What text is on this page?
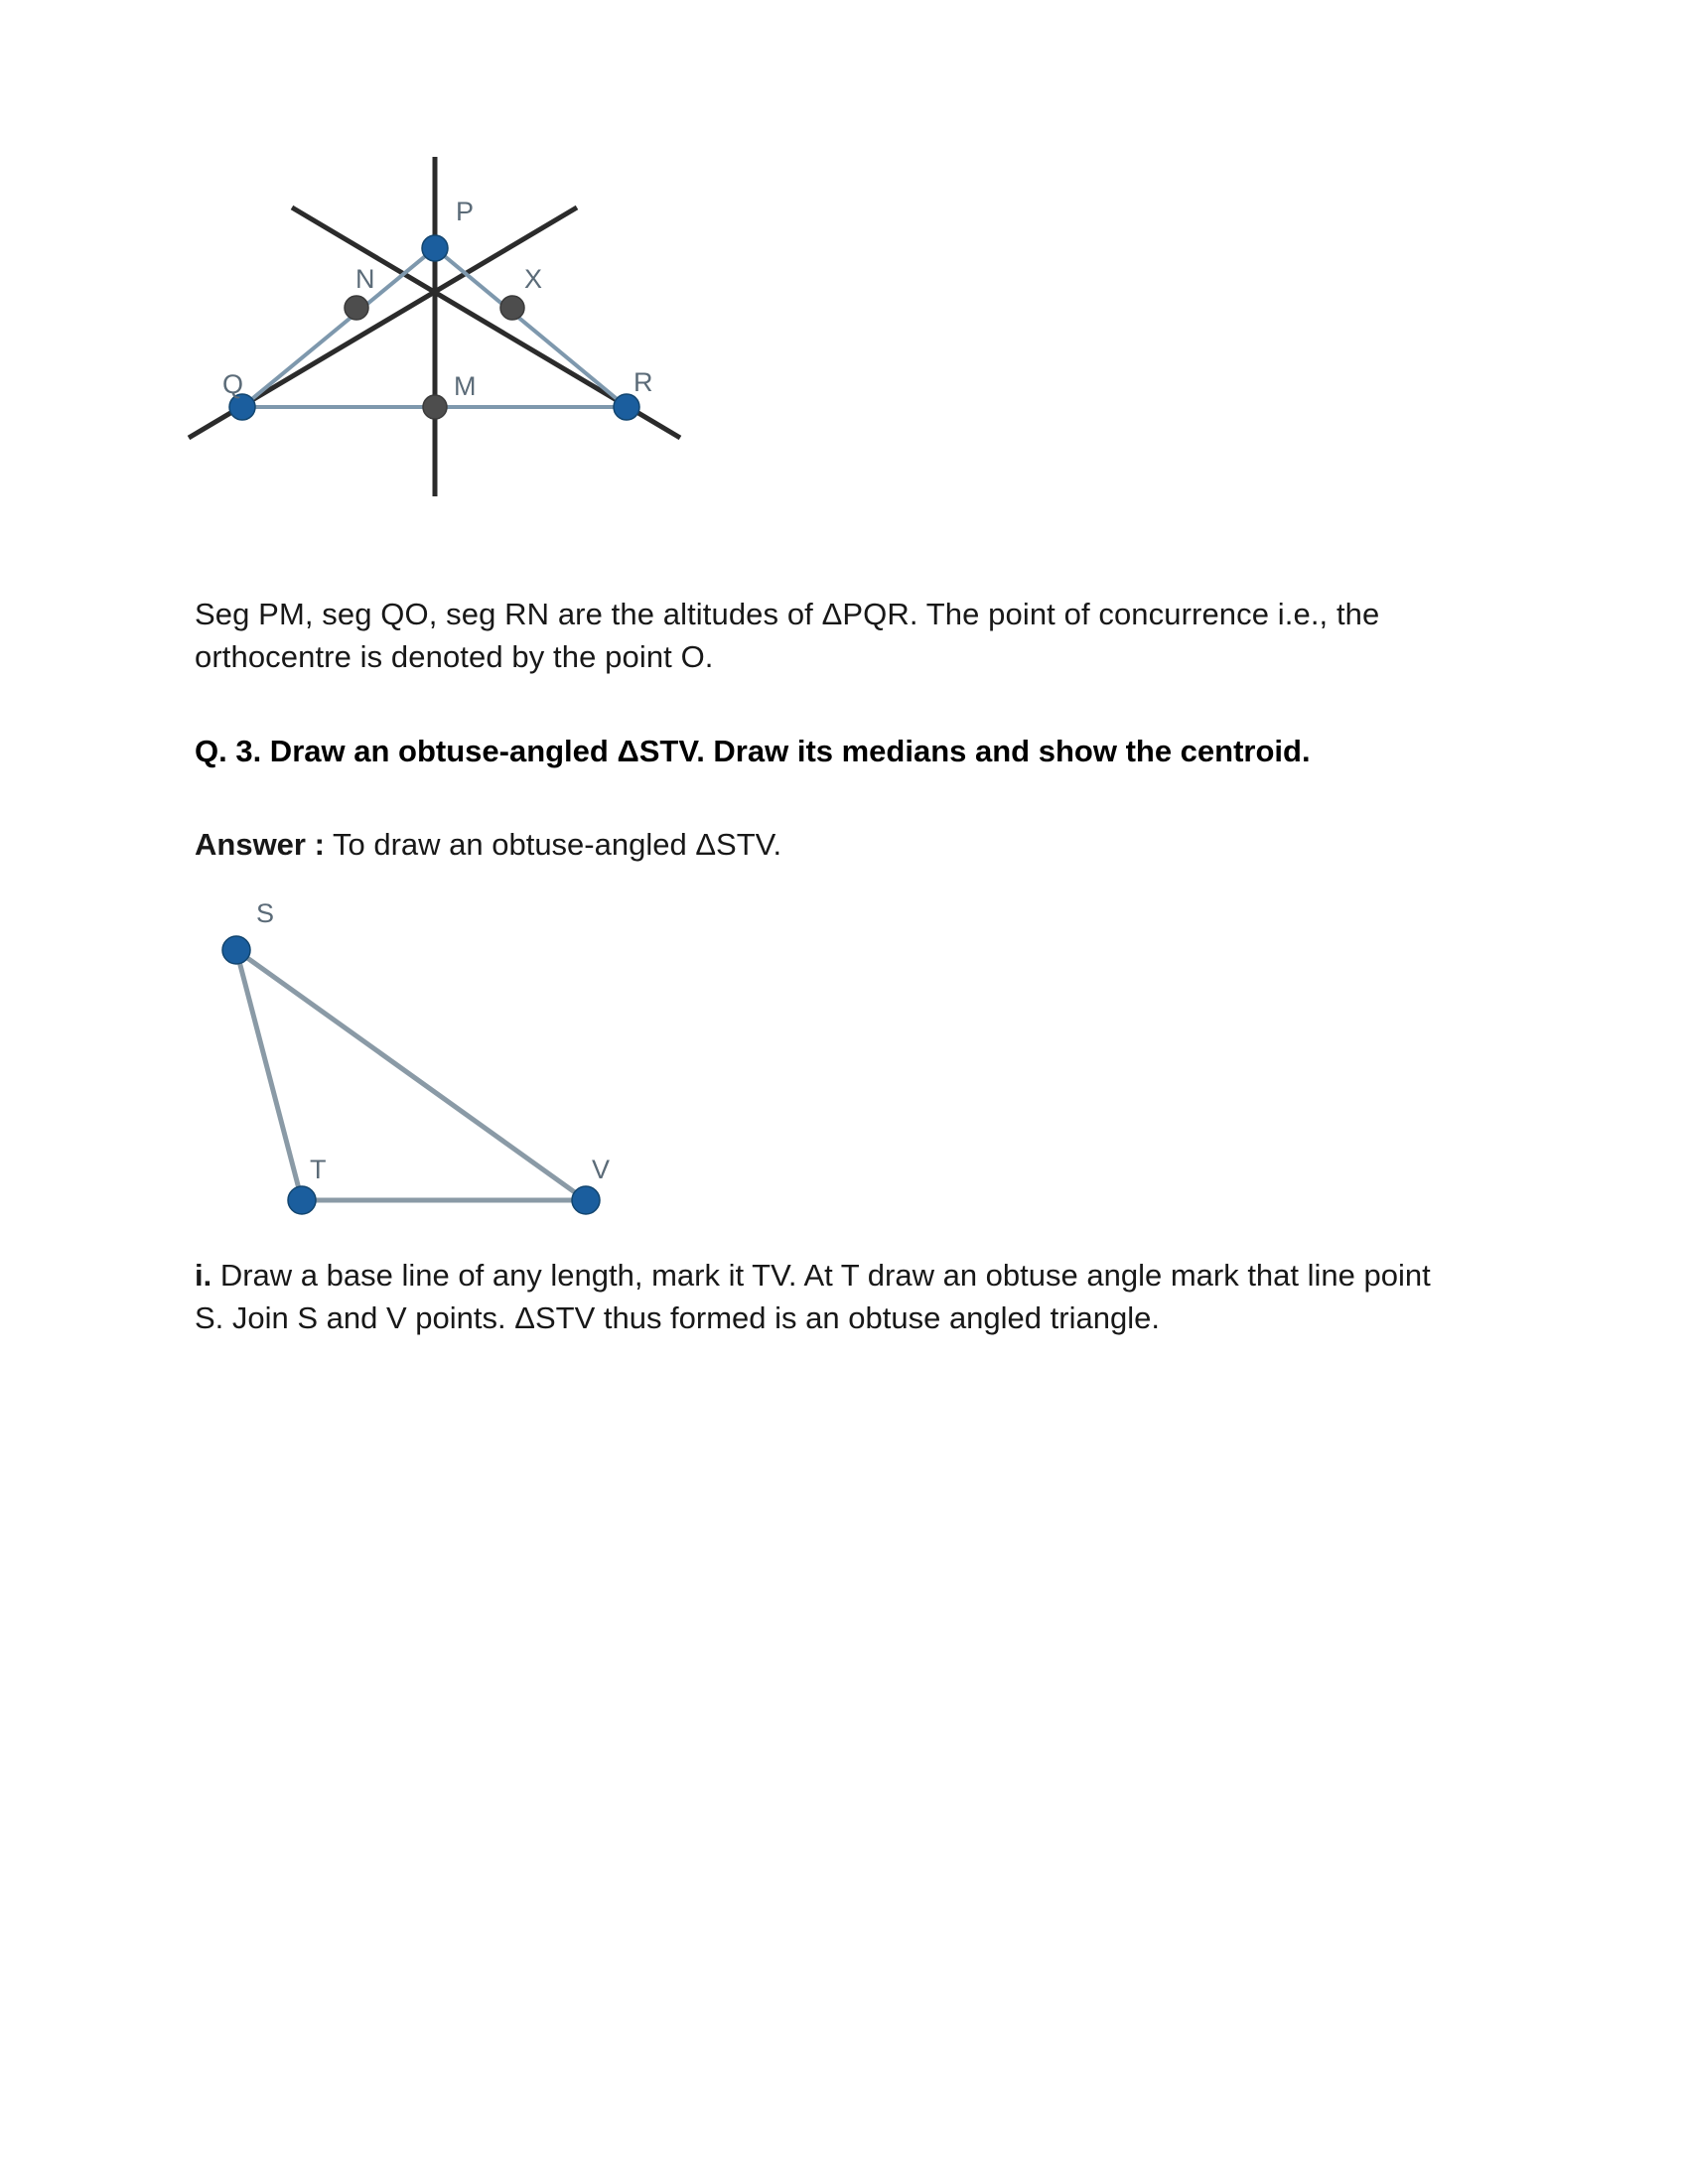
P
N	X
Q	M	R

Seg PM, seg QO, seg RN are the altitudes of ΔPQR. The point of concurrence i.e., the orthocentre is denoted by the point O.

Q. 3. Draw an obtuse-angled ΔSTV. Draw its medians and show the centroid.

Answer : To draw an obtuse-angled ΔSTV.

S
T	V

i. Draw a base line of any length, mark it TV. At T draw an obtuse angle mark that line point S. Join S and V points. ΔSTV thus formed is an obtuse angled triangle.
